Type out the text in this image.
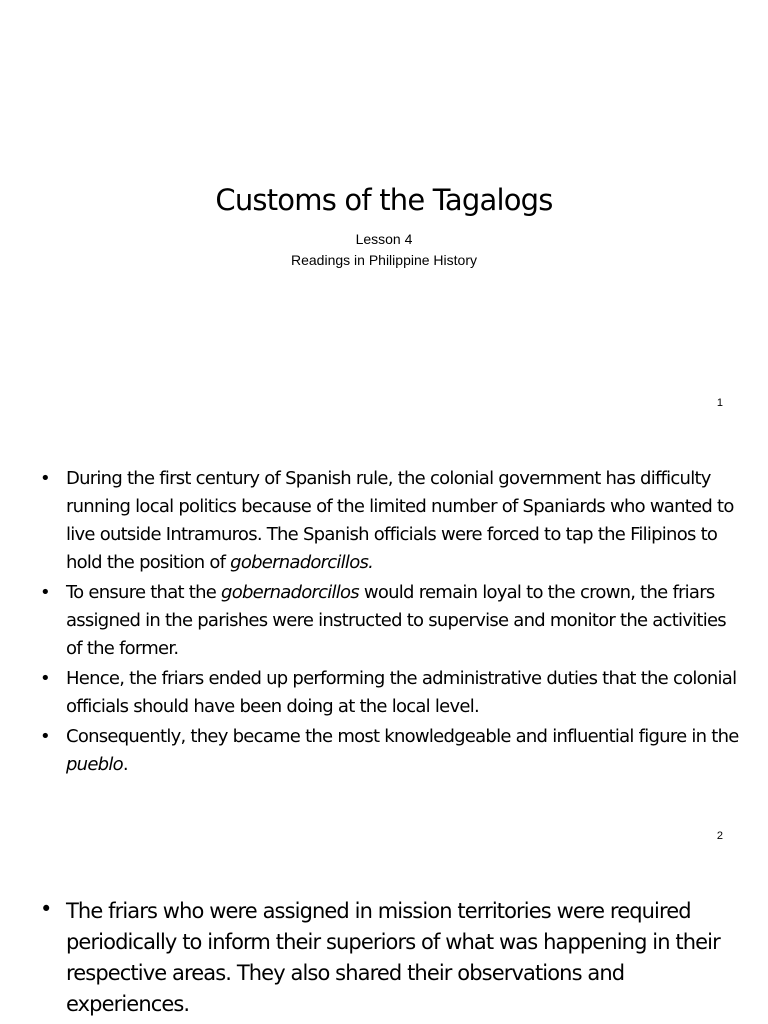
Customs of the Tagalogs
Lesson 4
Readings in Philippine History
1
• During the first century of Spanish rule, the colonial government has difficulty running local politics because of the limited number of Spaniards who wanted to live outside Intramuros. The Spanish officials were forced to tap the Filipinos to hold the position of gobernadorcillos.
• To ensure that the gobernadorcillos would remain loyal to the crown, the friars assigned in the parishes were instructed to supervise and monitor the activities of the former.
• Hence, the friars ended up performing the administrative duties that the colonial officials should have been doing at the local level.
• Consequently, they became the most knowledgeable and influential figure in the pueblo.
2
• The friars who were assigned in mission territories were required periodically to inform their superiors of what was happening in their respective areas. They also shared their observations and experiences.
